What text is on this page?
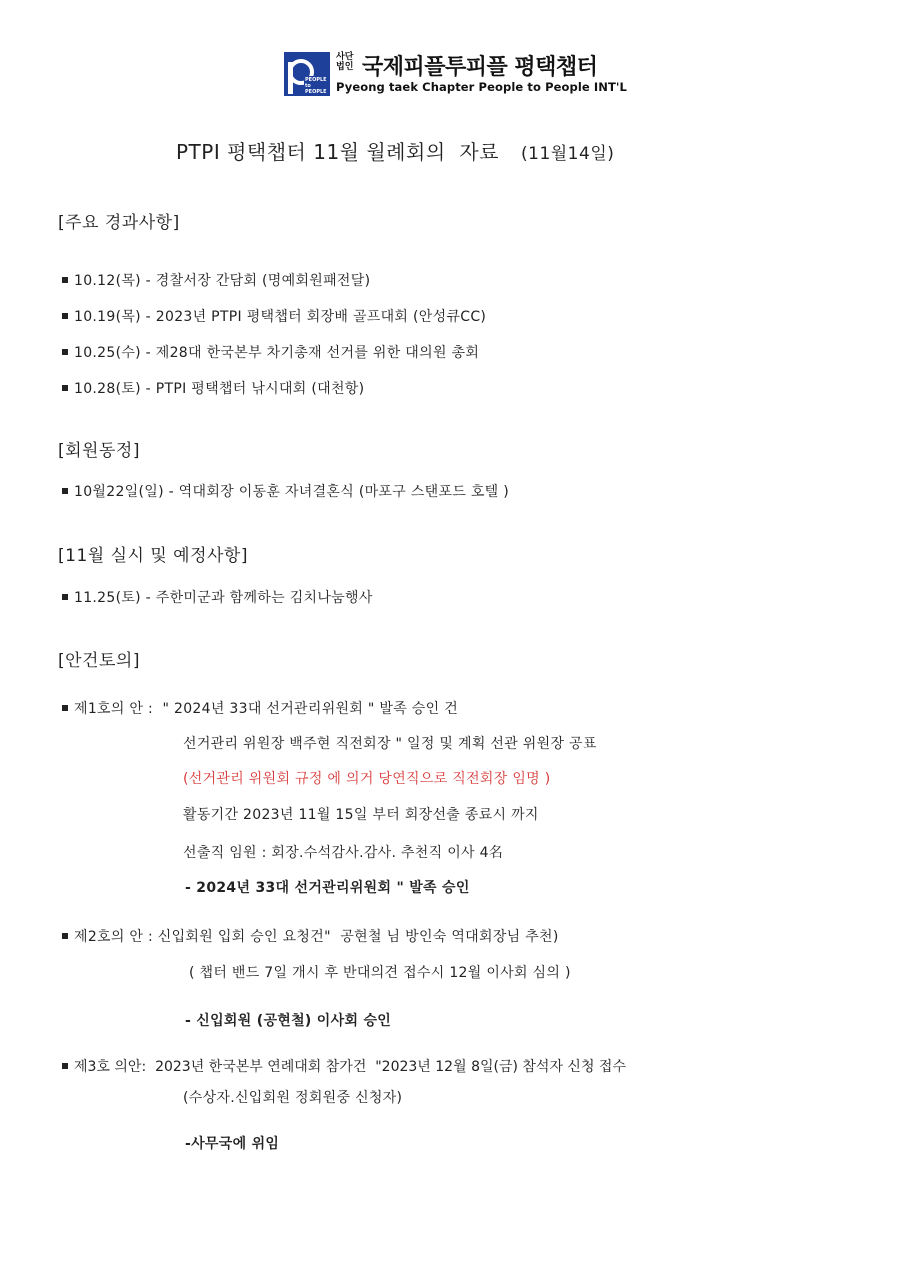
PEOPLE to PEOPLE
사단
법인 국제피플투피플 평택챕터
Pyeong taek Chapter People to People INT'L
PTPI 평택챕터 11월 월례회의  자료 (11월14일)
[주요 경과사항]
10.12(목) - 경찰서장 간담회 (명예회원패전달)
10.19(목) - 2023년 PTPI 평택챕터 회장배 골프대회 (안성큐CC)
10.25(수) - 제28대 한국본부 차기총재 선거를 위한 대의원 총회
10.28(토) - PTPI 평택챕터 낚시대회 (대천항)
[회원동정]
10월22일(일) - 역대회장 이동훈 자녀결혼식 (마포구 스탠포드 호텔 )
[11월 실시 및 예정사항]
11.25(토) - 주한미군과 함께하는 김치나눔행사
[안건토의]
제1호의 안 :  " 2024년 33대 선거관리위원회 " 발족 승인 건
선거관리 위원장 백주현 직전회장 " 일정 및 계획 선관 위원장 공표
(선거관리 위원회 규정 에 의거 당연직으로 직전회장 임명 )
활동기간 2023년 11월 15일 부터 회장선출 종료시 까지
선출직 임원 : 회장.수석감사.감사. 추천직 이사 4名
- 2024년 33대 선거관리위원회 " 발족 승인
제2호의 안 : 신입회원 입회 승인 요청건"  공현철 님 방인숙 역대회장님 추천)
( 챕터 밴드 7일 개시 후 반대의견 접수시 12월 이사회 심의 )
- 신입회원 (공현철) 이사회 승인
제3호 의안:  2023년 한국본부 연례대회 참가건  "2023년 12월 8일(금) 참석자 신청 접수
(수상자.신입회원 정회원중 신청자)
-사무국에 위임
